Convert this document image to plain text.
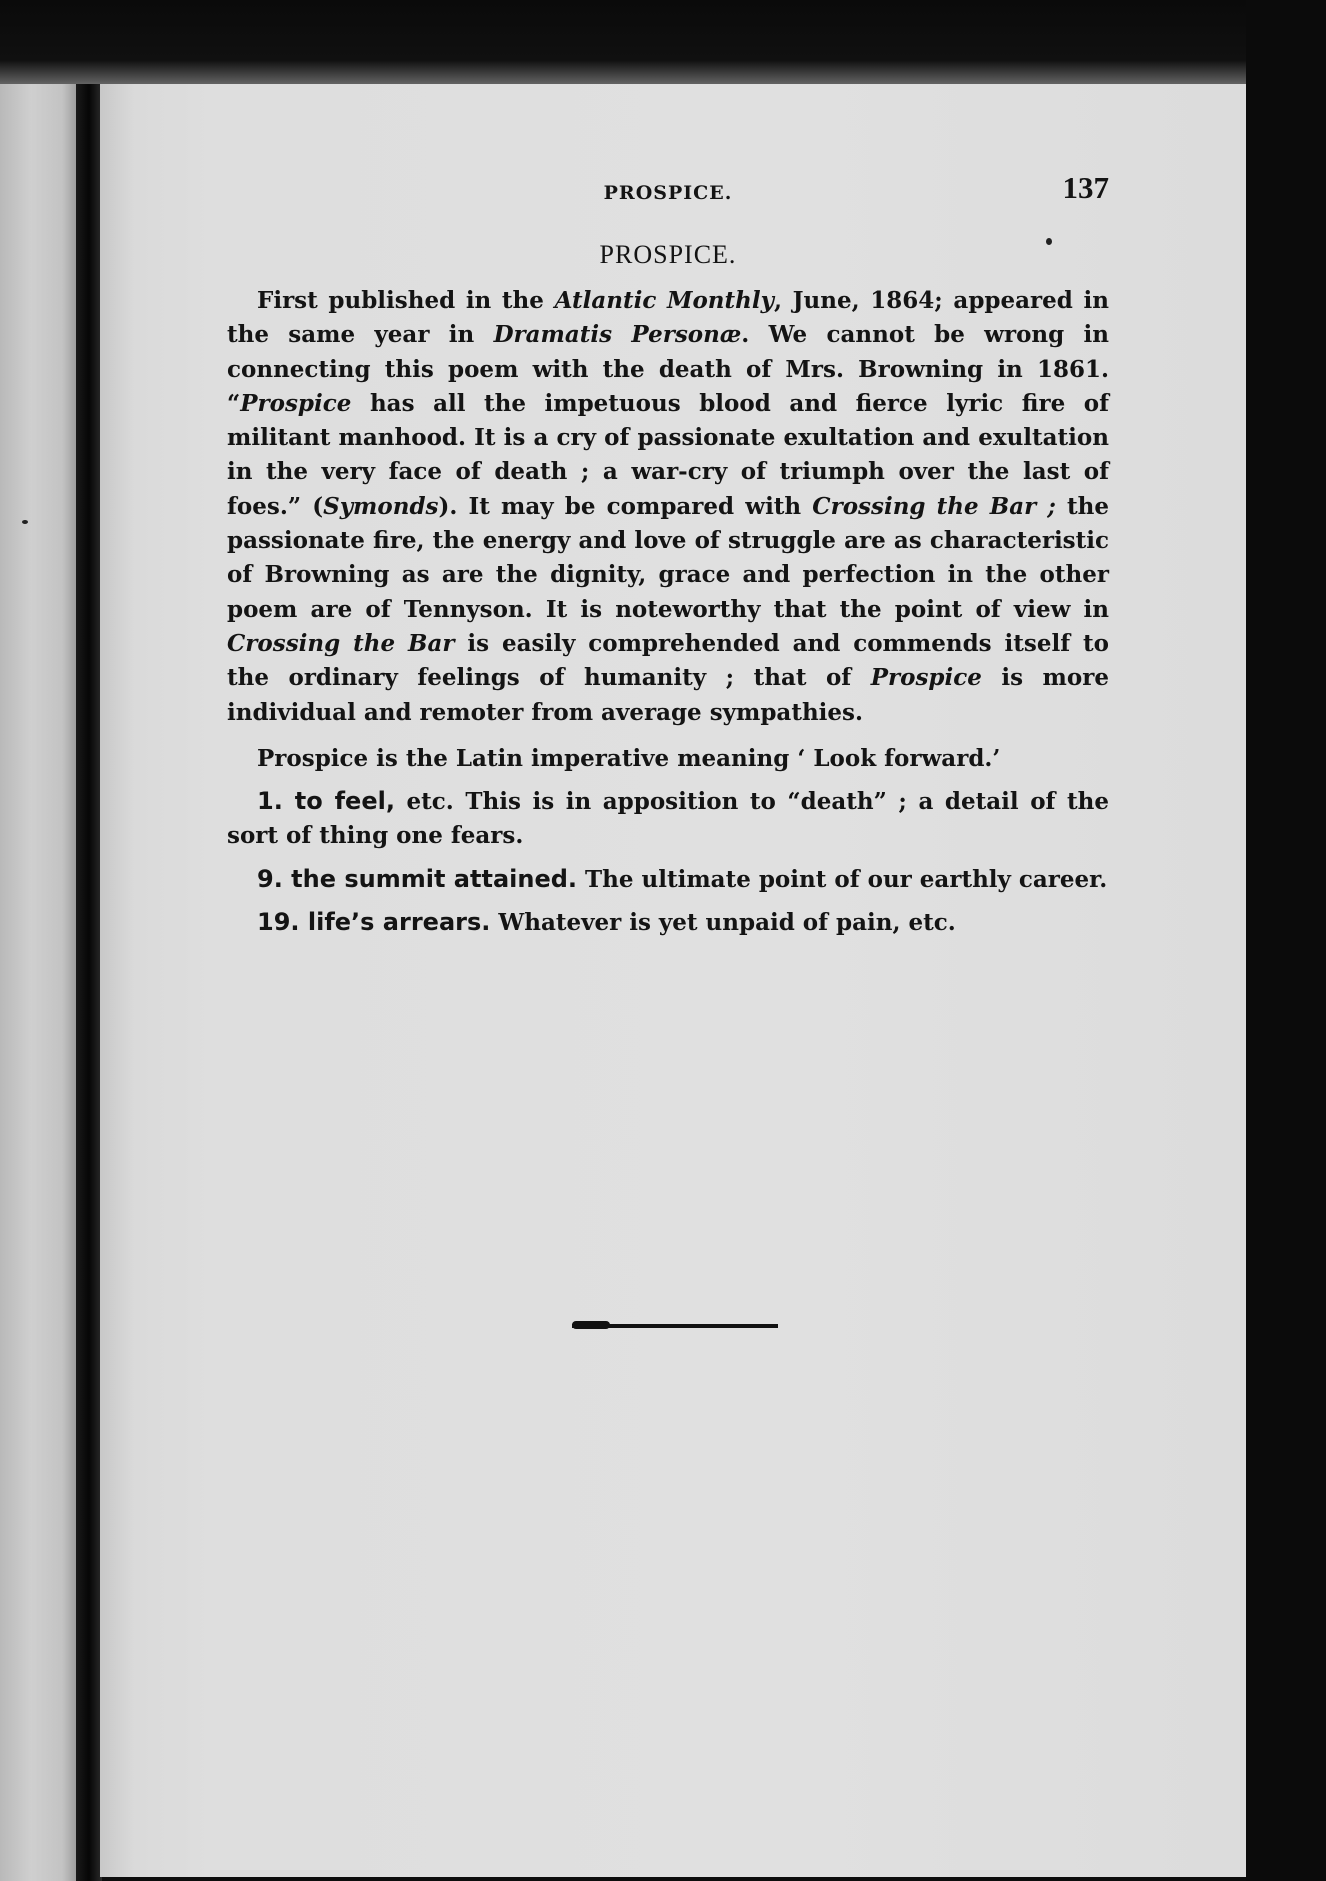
PROSPICE.	137
PROSPICE.

First published in the Atlantic Monthly, June, 1864; appeared in the same year in Dramatis Personæ. We cannot be wrong in connecting this poem with the death of Mrs. Browning in 1861. “Prospice has all the impetuous blood and fierce lyric fire of militant manhood. It is a cry of passionate exultation and exultation in the very face of death ; a war-cry of triumph over the last of foes.” (Symonds). It may be compared with Crossing the Bar ; the passionate fire, the energy and love of struggle are as characteristic of Browning as are the dignity, grace and perfection in the other poem are of Tennyson. It is noteworthy that the point of view in Crossing the Bar is easily comprehended and commends itself to the ordinary feelings of humanity ; that of Prospice is more individual and remoter from average sympathies.

Prospice is the Latin imperative meaning ‘ Look forward.’

1. to feel, etc. This is in apposition to “death” ; a detail of the sort of thing one fears.

9. the summit attained. The ultimate point of our earthly career.

19. life’s arrears. Whatever is yet unpaid of pain, etc.
